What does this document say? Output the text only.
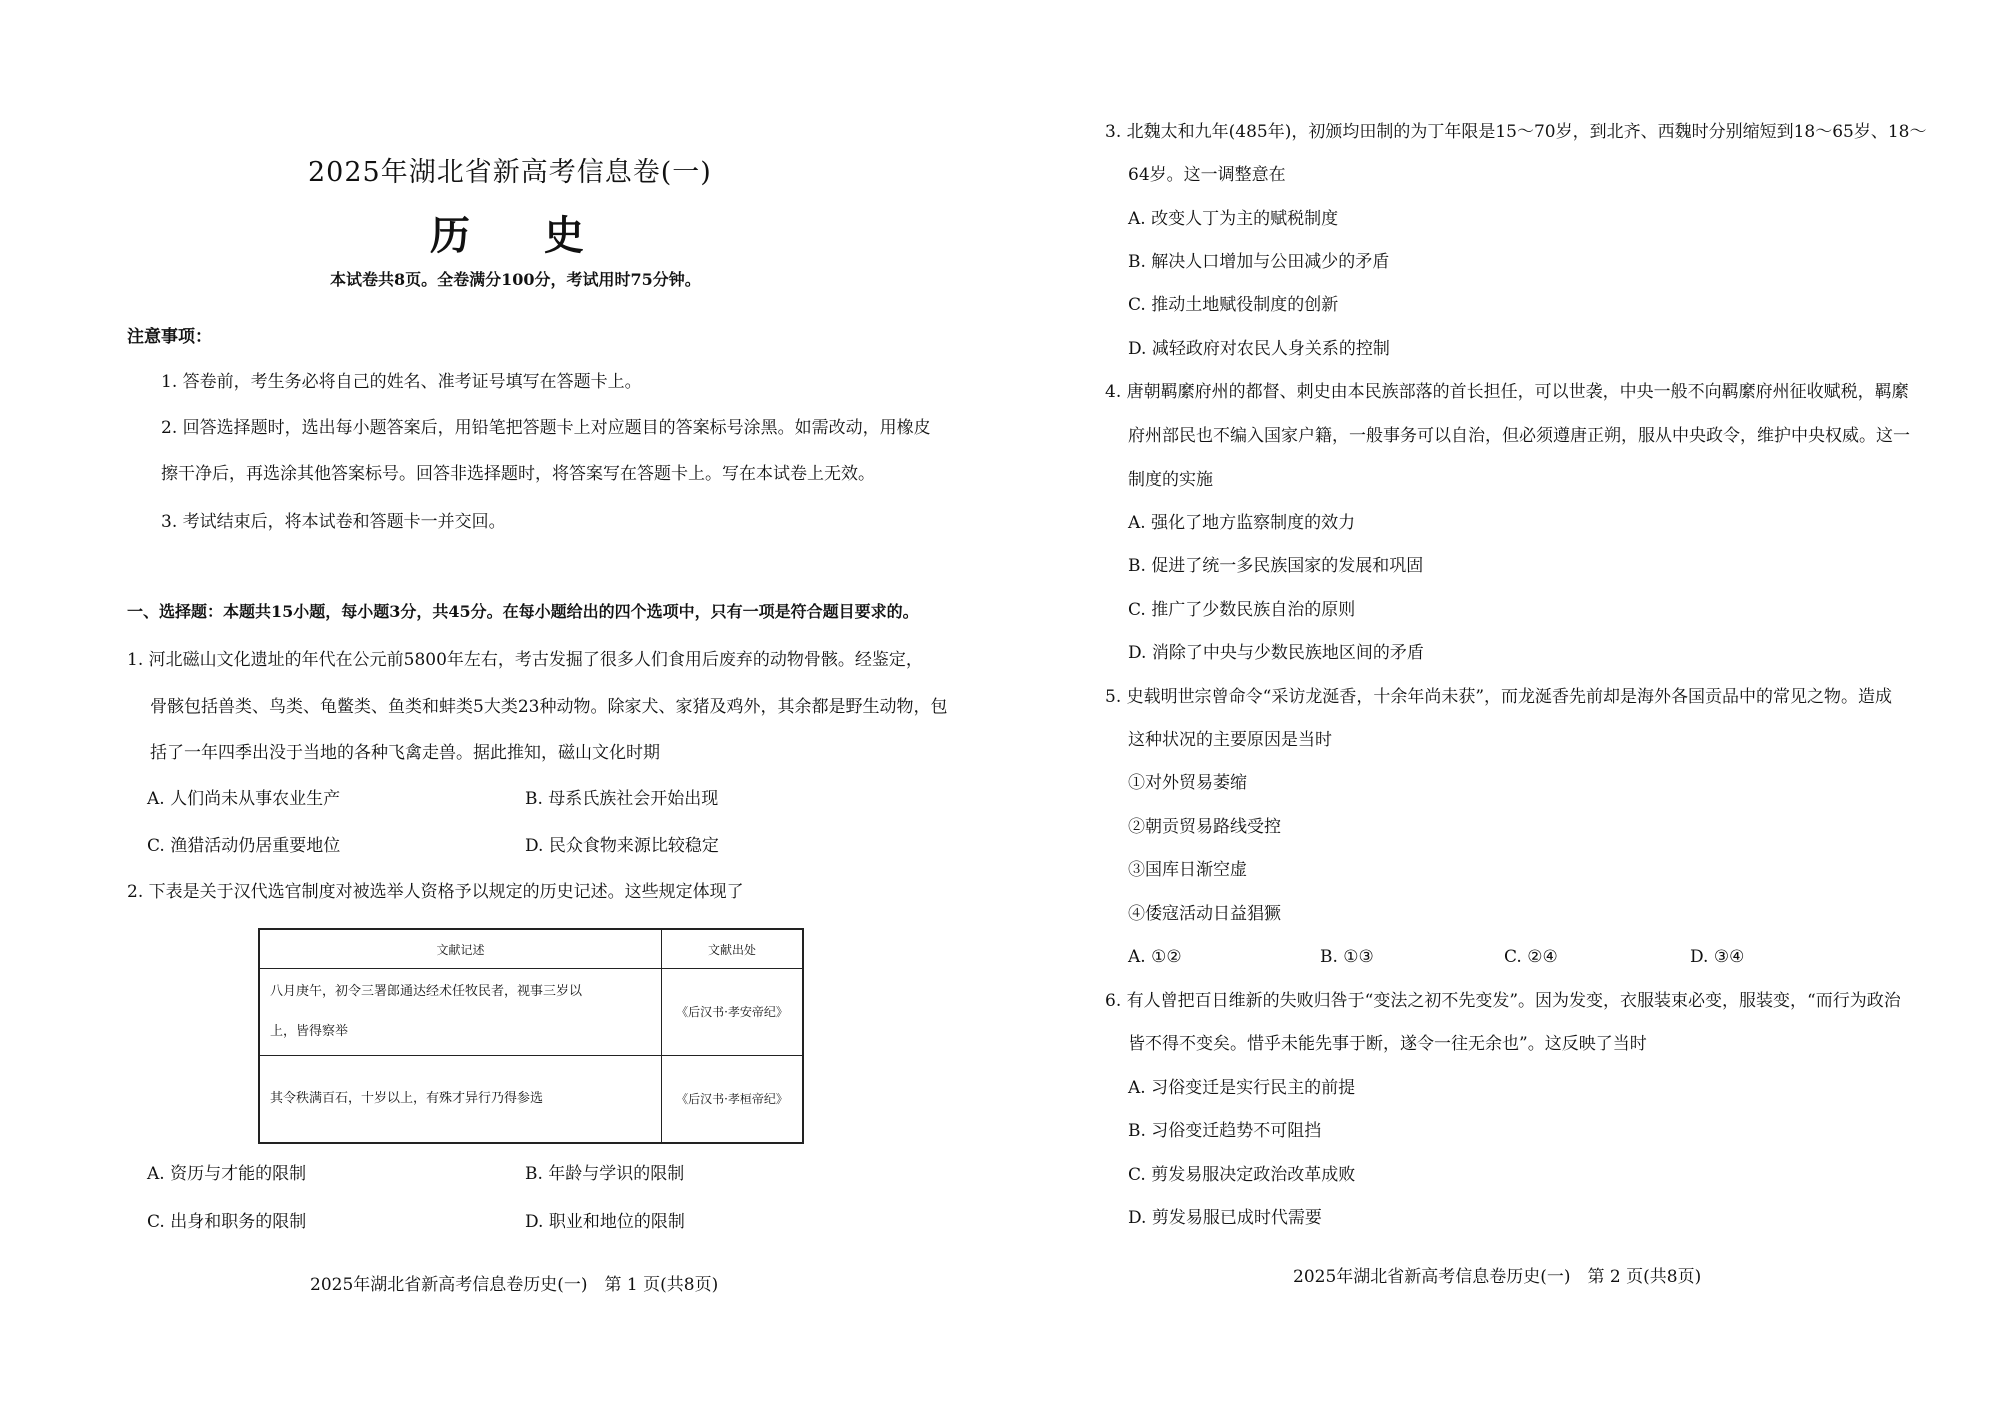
2025年湖北省新高考信息卷(一)
历 史
本试卷共8页。全卷满分100分，考试用时75分钟。
注意事项：
1. 答卷前，考生务必将自己的姓名、准考证号填写在答题卡上。
2. 回答选择题时，选出每小题答案后，用铅笔把答题卡上对应题目的答案标号涂黑。如需改动，用橡皮
擦干净后，再选涂其他答案标号。回答非选择题时，将答案写在答题卡上。写在本试卷上无效。
3. 考试结束后，将本试卷和答题卡一并交回。
一、选择题：本题共15小题，每小题3分，共45分。在每小题给出的四个选项中，只有一项是符合题目要求的。
1. 河北磁山文化遗址的年代在公元前5800年左右，考古发掘了很多人们食用后废弃的动物骨骸。经鉴定，
骨骸包括兽类、鸟类、龟鳖类、鱼类和蚌类5大类23种动物。除家犬、家猪及鸡外，其余都是野生动物，包
括了一年四季出没于当地的各种飞禽走兽。据此推知，磁山文化时期
A. 人们尚未从事农业生产	B. 母系氏族社会开始出现
C. 渔猎活动仍居重要地位	D. 民众食物来源比较稳定
2. 下表是关于汉代选官制度对被选举人资格予以规定的历史记述。这些规定体现了
文献记述	文献出处

八月庚午，初令三署郎通达经术任牧民者，视事三岁以
上，皆得察举	《后汉书·孝安帝纪》

其令秩满百石，十岁以上，有殊才异行乃得参选	《后汉书·孝桓帝纪》
A. 资历与才能的限制	B. 年龄与学识的限制
C. 出身和职务的限制	D. 职业和地位的限制
2025年湖北省新高考信息卷历史(一)　第 1 页(共8页)
3. 北魏太和九年(485年)，初颁均田制的为丁年限是15～70岁，到北齐、西魏时分别缩短到18～65岁、18～
64岁。这一调整意在
A. 改变人丁为主的赋税制度
B. 解决人口增加与公田减少的矛盾
C. 推动土地赋役制度的创新
D. 减轻政府对农民人身关系的控制
4. 唐朝羁縻府州的都督、刺史由本民族部落的首长担任，可以世袭，中央一般不向羁縻府州征收赋税，羁縻
府州部民也不编入国家户籍，一般事务可以自治，但必须遵唐正朔，服从中央政令，维护中央权威。这一
制度的实施
A. 强化了地方监察制度的效力
B. 促进了统一多民族国家的发展和巩固
C. 推广了少数民族自治的原则
D. 消除了中央与少数民族地区间的矛盾
5. 史载明世宗曾命令“采访龙涎香，十余年尚未获”，而龙涎香先前却是海外各国贡品中的常见之物。造成
这种状况的主要原因是当时
①对外贸易萎缩
②朝贡贸易路线受控
③国库日渐空虚
④倭寇活动日益猖獗
A. ①②	B. ①③	C. ②④	D. ③④
6. 有人曾把百日维新的失败归咎于“变法之初不先变发”。因为发变，衣服装束必变，服装变，“而行为政治
皆不得不变矣。惜乎未能先事于断，遂令一往无余也”。这反映了当时
A. 习俗变迁是实行民主的前提
B. 习俗变迁趋势不可阻挡
C. 剪发易服决定政治改革成败
D. 剪发易服已成时代需要
2025年湖北省新高考信息卷历史(一)　第 2 页(共8页)
